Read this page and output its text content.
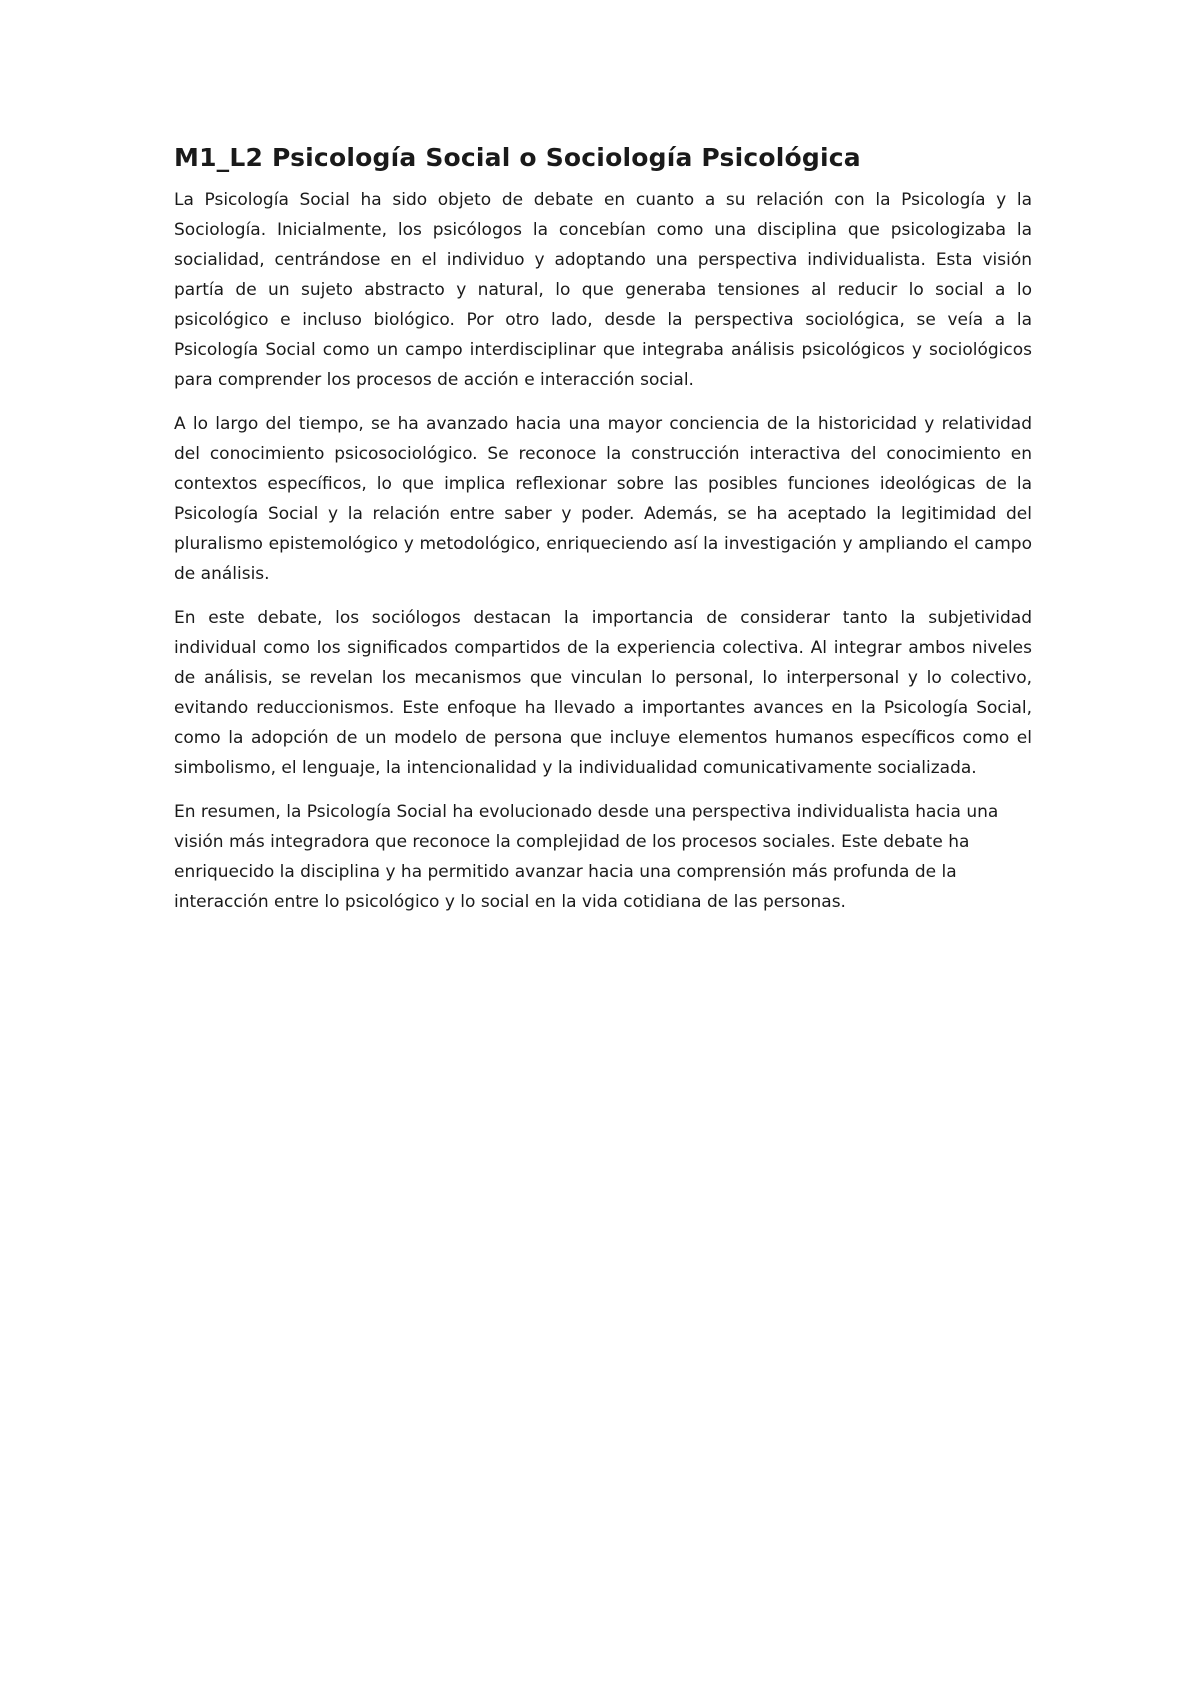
M1_L2 Psicología Social o Sociología Psicológica

La Psicología Social ha sido objeto de debate en cuanto a su relación con la Psicología y la Sociología. Inicialmente, los psicólogos la concebían como una disciplina que psicologizaba la socialidad, centrándose en el individuo y adoptando una perspectiva individualista. Esta visión partía de un sujeto abstracto y natural, lo que generaba tensiones al reducir lo social a lo psicológico e incluso biológico. Por otro lado, desde la perspectiva sociológica, se veía a la Psicología Social como un campo interdisciplinar que integraba análisis psicológicos y sociológicos para comprender los procesos de acción e interacción social.

A lo largo del tiempo, se ha avanzado hacia una mayor conciencia de la historicidad y relatividad del conocimiento psicosociológico. Se reconoce la construcción interactiva del conocimiento en contextos específicos, lo que implica reflexionar sobre las posibles funciones ideológicas de la Psicología Social y la relación entre saber y poder. Además, se ha aceptado la legitimidad del pluralismo epistemológico y metodológico, enriqueciendo así la investigación y ampliando el campo de análisis.

En este debate, los sociólogos destacan la importancia de considerar tanto la subjetividad individual como los significados compartidos de la experiencia colectiva. Al integrar ambos niveles de análisis, se revelan los mecanismos que vinculan lo personal, lo interpersonal y lo colectivo, evitando reduccionismos. Este enfoque ha llevado a importantes avances en la Psicología Social, como la adopción de un modelo de persona que incluye elementos humanos específicos como el simbolismo, el lenguaje, la intencionalidad y la individualidad comunicativamente socializada.

En resumen, la Psicología Social ha evolucionado desde una perspectiva individualista hacia una visión más integradora que reconoce la complejidad de los procesos sociales. Este debate ha enriquecido la disciplina y ha permitido avanzar hacia una comprensión más profunda de la interacción entre lo psicológico y lo social en la vida cotidiana de las personas.
